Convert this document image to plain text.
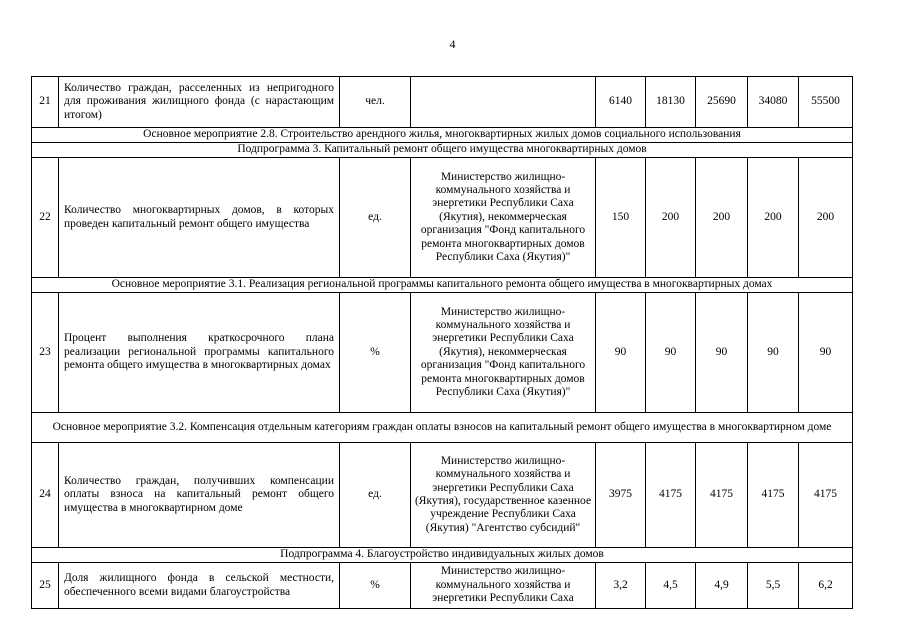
4
21	Количество граждан, расселенных из непригодного для проживания жилищного фонда (с нарастающим итогом)	чел.		6140	18130	25690	34080	55500
Основное мероприятие 2.8. Строительство арендного жилья, многоквартирных жилых домов социального использования								
Подпрограмма 3. Капитальный ремонт общего имущества многоквартирных домов								
22	Количество многоквартирных домов, в которых проведен капитальный ремонт общего имущества	ед.	Министерство жилищно-коммунального хозяйства и энергетики Республики Саха (Якутия), некоммерческая организация "Фонд капитального ремонта многоквартирных домов Республики Саха (Якутия)"	150	200	200	200	200
Основное мероприятие 3.1. Реализация региональной программы капитального ремонта общего имущества в многоквартирных домах								
23	Процент выполнения краткосрочного плана реализации региональной программы капитального ремонта общего имущества в многоквартирных домах	%	Министерство жилищно-коммунального хозяйства и энергетики Республики Саха (Якутия), некоммерческая организация "Фонд капитального ремонта многоквартирных домов Республики Саха (Якутия)"	90	90	90	90	90
Основное мероприятие 3.2. Компенсация отдельным категориям граждан оплаты взносов на капитальный ремонт общего имущества в многоквартирном доме								
24	Количество граждан, получивших компенсации оплаты взноса на капитальный ремонт общего имущества в многоквартирном доме	ед.	Министерство жилищно-коммунального хозяйства и энергетики Республики Саха (Якутия), государственное казенное учреждение Республики Саха (Якутия) "Агентство субсидий"	3975	4175	4175	4175	4175
Подпрограмма 4. Благоустройство индивидуальных жилых домов								
25	Доля жилищного фонда в сельской местности, обеспеченного всеми видами благоустройства	%	Министерство жилищно-коммунального хозяйства и энергетики Республики Саха	3,2	4,5	4,9	5,5	6,2
